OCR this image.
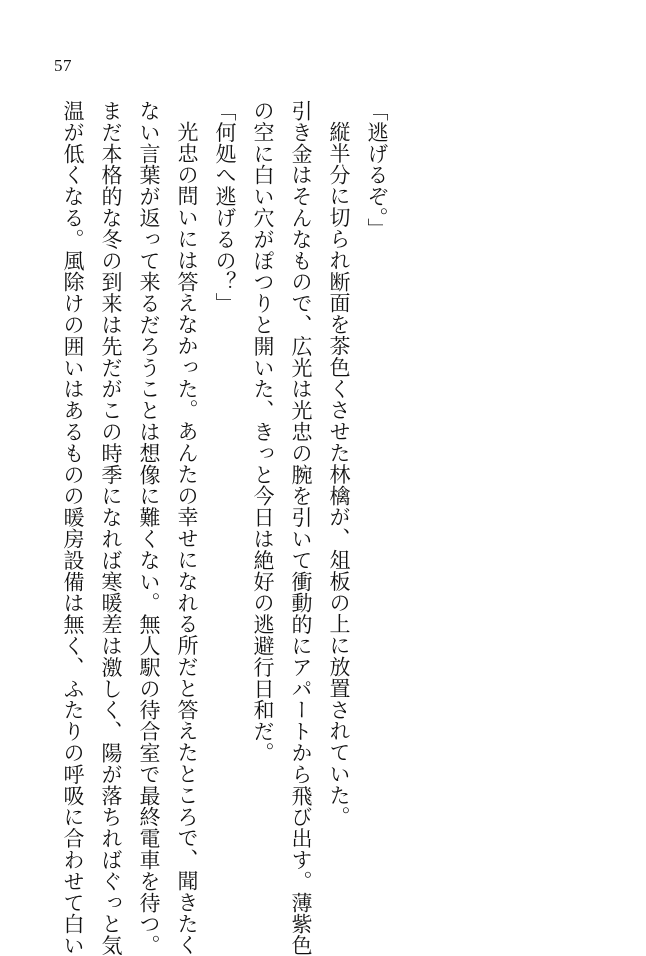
57

「逃げるぞ。」

縦半分に切られ断面を茶色くさせた林檎が、俎板の上に放置されていた。

引き金はそんなもので、広光は光忠の腕を引いて衝動的にアパートから飛び出す。薄紫色

の空に白い穴がぽつりと開いた、きっと今日は絶好の逃避行日和だ。

「何処へ逃げるの？」

光忠の問いには答えなかった。あんたの幸せになれる所だと答えたところで、聞きたく

ない言葉が返って来るだろうことは想像に難くない。無人駅の待合室で最終電車を待つ。

まだ本格的な冬の到来は先だがこの時季になれば寒暖差は激しく、陽が落ちればぐっと気

温が低くなる。風除けの囲いはあるものの暖房設備は無く、ふたりの呼吸に合わせて白い
